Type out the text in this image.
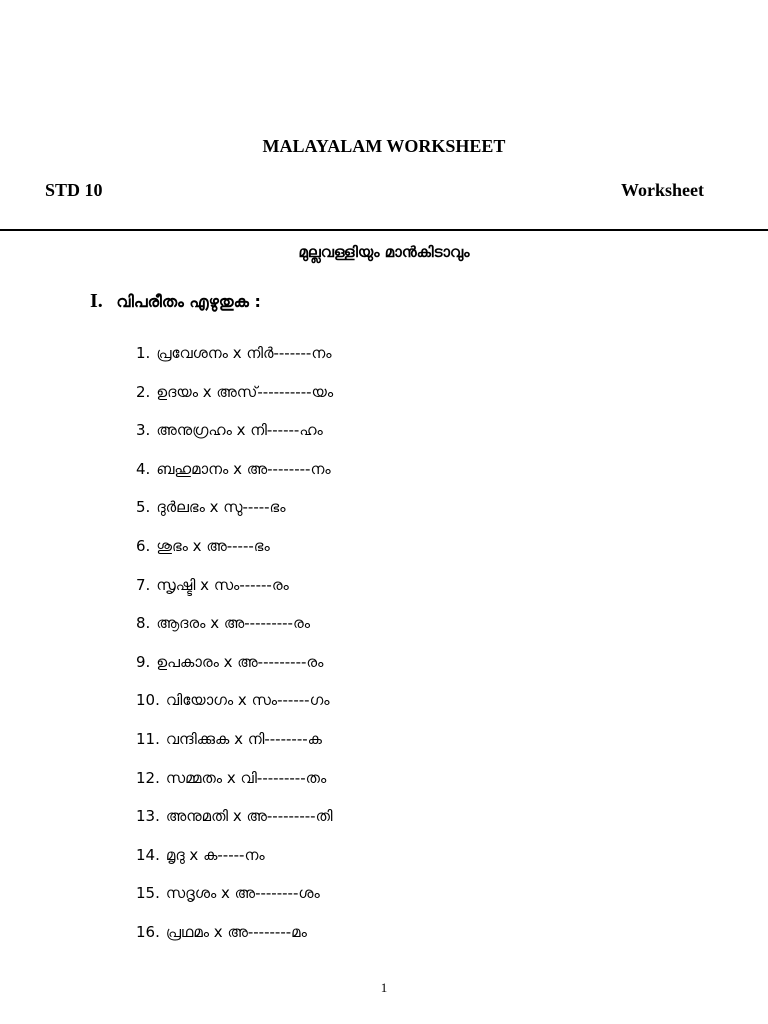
MALAYALAM WORKSHEET
STD 10	Worksheet
മുല്ലവള്ളിയും മാൻകിടാവും
I. വിപരീതം എഴുതുക :
1. പ്രവേശനം x നിർ-------നം
2. ഉദയം x അസ്----------യം
3. അനുഗ്രഹം x നി------ഹം
4. ബഹുമാനം x അ--------നം
5. ദുർലഭം x സു-----ഭം
6. ശുഭം x അ-----ഭം
7. സൃഷ്ടി x സം------രം
8. ആദരം x അ---------രം
9. ഉപകാരം x അ---------രം
10. വിയോഗം x സം------ഗം
11. വന്ദിക്കുക x നി--------ക
12. സമ്മതം x വി---------തം
13. അനുമതി x അ---------തി
14. മൃദു x ക-----നം
15. സദൃശം x അ--------ശം
16. പ്രഥമം x അ--------മം
1
